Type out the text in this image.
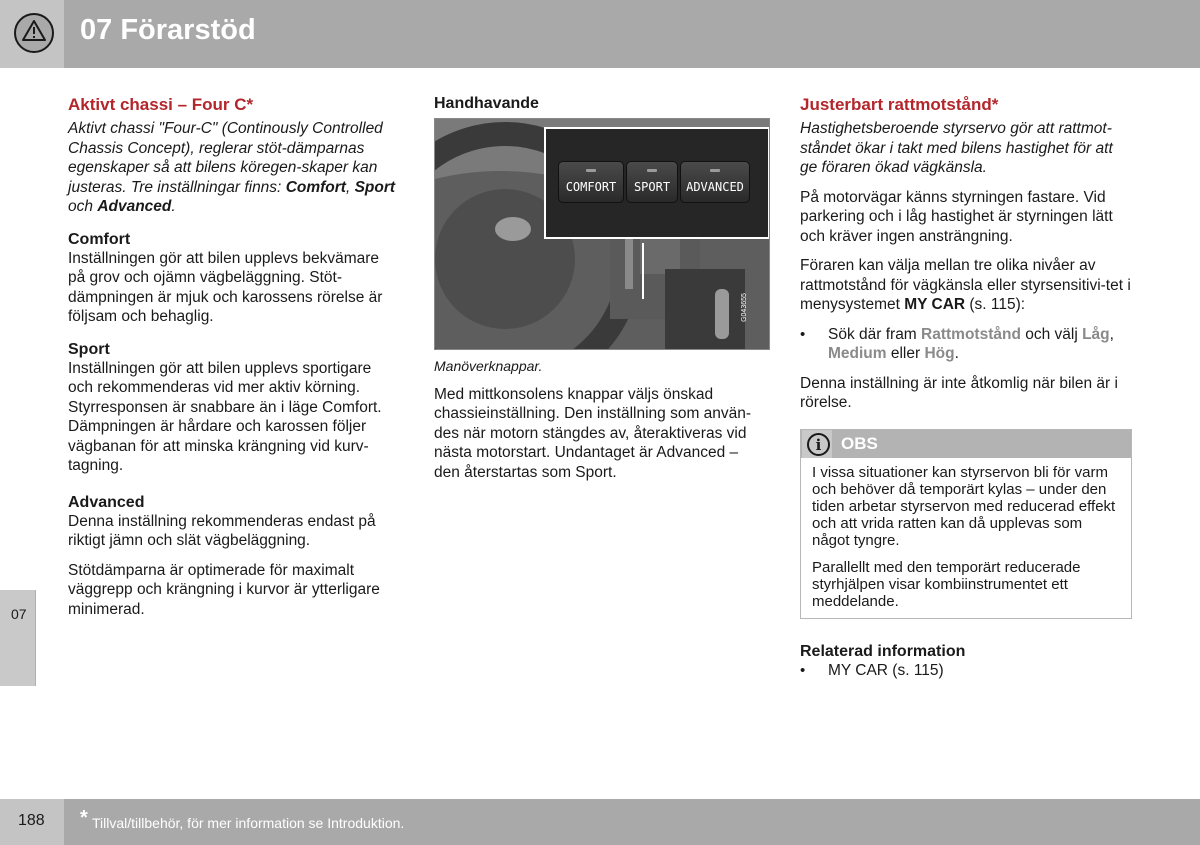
07 Förarstöd
07
Aktivt chassi – Four C*

Aktivt chassi "Four-C" (Continously Controlled Chassis Concept), reglerar stöt-dämparnas egenskaper så att bilens köregen-skaper kan justeras. Tre inställningar finns: Comfort, Sport och Advanced.

Comfort

Inställningen gör att bilen upplevs bekvämare på grov och ojämn vägbeläggning. Stöt-dämpningen är mjuk och karossens rörelse är följsam och behaglig.

Sport

Inställningen gör att bilen upplevs sportigare och rekommenderas vid mer aktiv körning. Styrresponsen är snabbare än i läge Comfort. Dämpningen är hårdare och karossen följer vägbanan för att minska krängning vid kurv-tagning.

Advanced

Denna inställning rekommenderas endast på riktigt jämn och slät vägbeläggning.

Stötdämparna är optimerade för maximalt väggrepp och krängning i kurvor är ytterligare minimerad.

Handhavande
COMFORT	SPORT	ADVANCED
G043655

Manöverknappar.

Med mittkonsolens knappar väljs önskad chassieinställning. Den inställning som använ-des när motorn stängdes av, återaktiveras vid nästa motorstart. Undantaget är Advanced – den återstartas som Sport.

Justerbart rattmotstånd*

Hastighetsberoende styrservo gör att rattmot-ståndet ökar i takt med bilens hastighet för att ge föraren ökad vägkänsla.

På motorvägar känns styrningen fastare. Vid parkering och i låg hastighet är styrningen lätt och kräver ingen ansträngning.

Föraren kan välja mellan tre olika nivåer av rattmotstånd för vägkänsla eller styrsensitivi-tet i menysystemet MY CAR (s. 115):

• Sök där fram Rattmotstånd och välj Låg, Medium eller Hög.

Denna inställning är inte åtkomlig när bilen är i rörelse.

i	OBS

I vissa situationer kan styrservon bli för varm och behöver då temporärt kylas – under den tiden arbetar styrservon med reducerad effekt och att vrida ratten kan då upplevas som något tyngre.

Parallellt med den temporärt reducerade styrhjälpen visar kombiinstrumentet ett meddelande.

Relaterad information

• MY CAR (s. 115)

188 * Tillval/tillbehör, för mer information se Introduktion.
